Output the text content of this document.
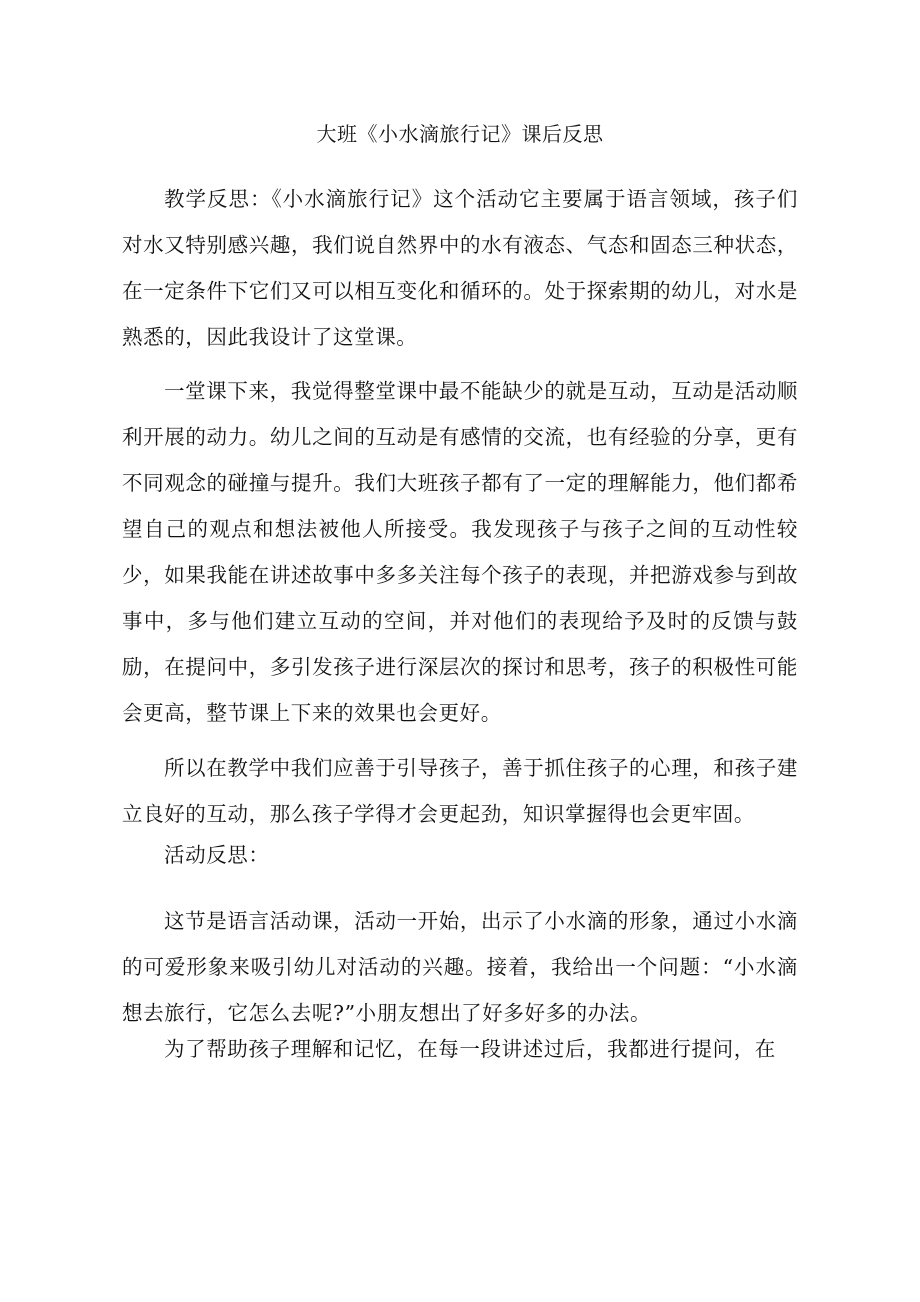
大班《小水滴旅行记》课后反思

教学反思：《小水滴旅行记》这个活动它主要属于语言领域，孩子们对水又特别感兴趣，我们说自然界中的水有液态、气态和固态三种状态，在一定条件下它们又可以相互变化和循环的。处于探索期的幼儿，对水是熟悉的，因此我设计了这堂课。

一堂课下来，我觉得整堂课中最不能缺少的就是互动，互动是活动顺利开展的动力。幼儿之间的互动是有感情的交流，也有经验的分享，更有不同观念的碰撞与提升。我们大班孩子都有了一定的理解能力，他们都希望自己的观点和想法被他人所接受。我发现孩子与孩子之间的互动性较少，如果我能在讲述故事中多多关注每个孩子的表现，并把游戏参与到故事中，多与他们建立互动的空间，并对他们的表现给予及时的反馈与鼓励，在提问中，多引发孩子进行深层次的探讨和思考，孩子的积极性可能会更高，整节课上下来的效果也会更好。

所以在教学中我们应善于引导孩子，善于抓住孩子的心理，和孩子建立良好的互动，那么孩子学得才会更起劲，知识掌握得也会更牢固。

活动反思：

这节是语言活动课，活动一开始，出示了小水滴的形象，通过小水滴的可爱形象来吸引幼儿对活动的兴趣。接着，我给出一个问题：“小水滴想去旅行，它怎么去呢?”小朋友想出了好多好多的办法。

为了帮助孩子理解和记忆，在每一段讲述过后，我都进行提问，在
